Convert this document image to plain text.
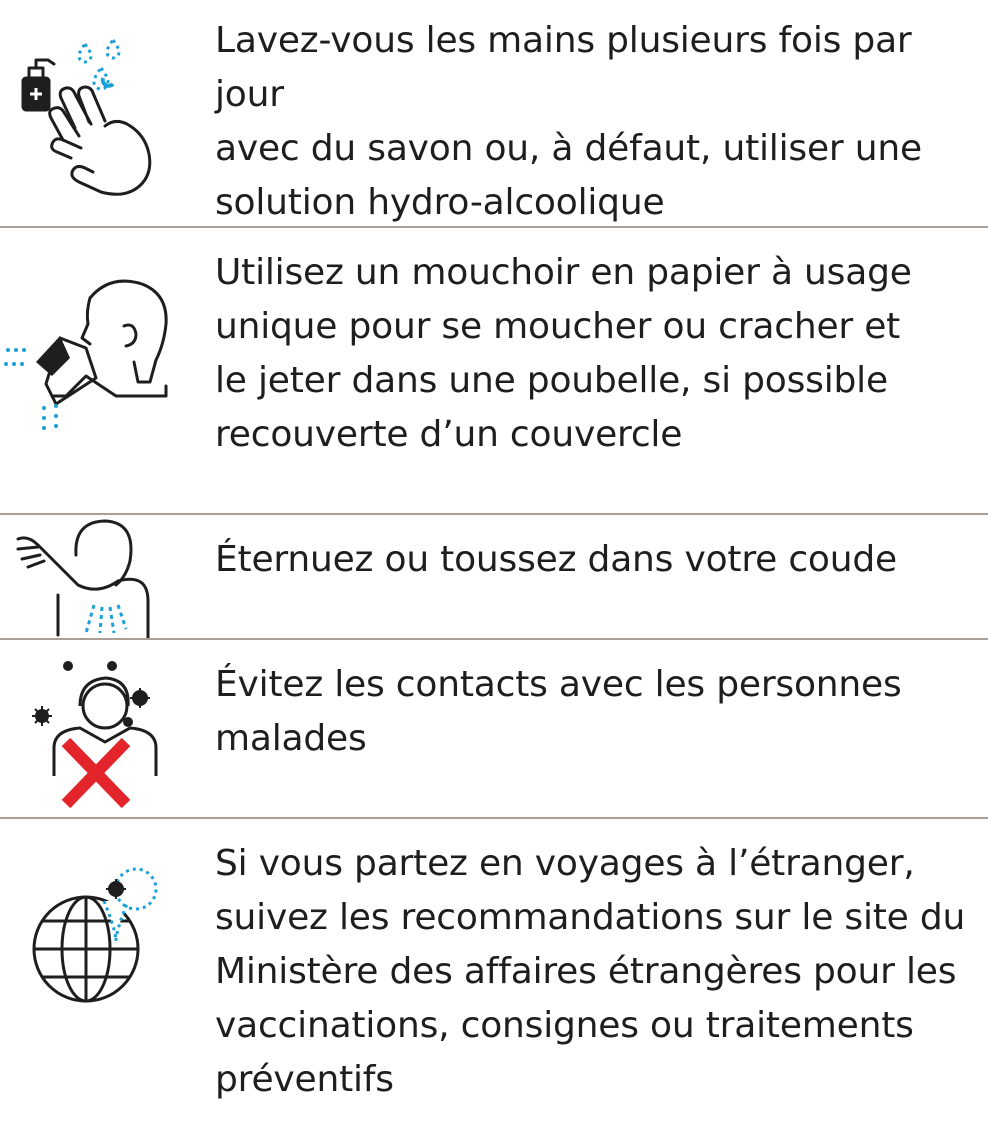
Lavez-vous les mains plusieurs fois par jour
avec du savon ou, à défaut, utiliser une
solution hydro-alcoolique
Utilisez un mouchoir en papier à usage
unique pour se moucher ou cracher et
le jeter dans une poubelle, si possible
recouverte d’un couvercle
Éternuez ou toussez dans votre coude
Évitez les contacts avec les personnes
malades
Si vous partez en voyages à l’étranger,
suivez les recommandations sur le site du
Ministère des affaires étrangères pour les
vaccinations, consignes ou traitements
préventifs
